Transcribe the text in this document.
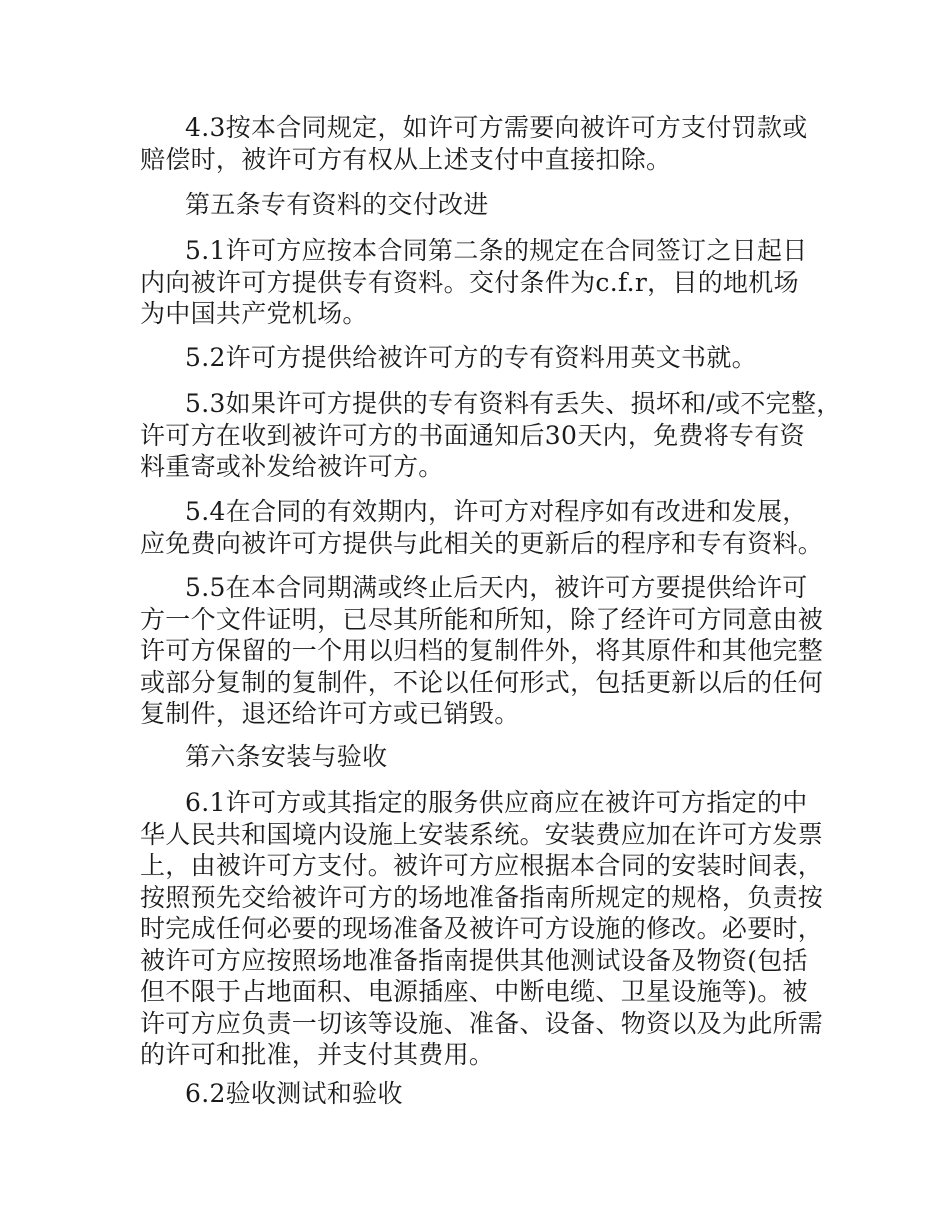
4.3按本合同规定，如许可方需要向被许可方支付罚款或
赔偿时，被许可方有权从上述支付中直接扣除。

第五条专有资料的交付改进

5.1许可方应按本合同第二条的规定在合同签订之日起日
内向被许可方提供专有资料。交付条件为c.f.r，目的地机场
为中国共产党机场。

5.2许可方提供给被许可方的专有资料用英文书就。

5.3如果许可方提供的专有资料有丢失、损坏和/或不完整，
许可方在收到被许可方的书面通知后30天内，免费将专有资
料重寄或补发给被许可方。

5.4在合同的有效期内，许可方对程序如有改进和发展，
应免费向被许可方提供与此相关的更新后的程序和专有资料。

5.5在本合同期满或终止后天内，被许可方要提供给许可
方一个文件证明，已尽其所能和所知，除了经许可方同意由被
许可方保留的一个用以归档的复制件外，将其原件和其他完整
或部分复制的复制件，不论以任何形式，包括更新以后的任何
复制件，退还给许可方或已销毁。

第六条安装与验收

6.1许可方或其指定的服务供应商应在被许可方指定的中
华人民共和国境内设施上安装系统。安装费应加在许可方发票
上，由被许可方支付。被许可方应根据本合同的安装时间表，
按照预先交给被许可方的场地准备指南所规定的规格，负责按
时完成任何必要的现场准备及被许可方设施的修改。必要时，
被许可方应按照场地准备指南提供其他测试设备及物资(包括
但不限于占地面积、电源插座、中断电缆、卫星设施等)。被
许可方应负责一切该等设施、准备、设备、物资以及为此所需
的许可和批准，并支付其费用。

6.2验收测试和验收
